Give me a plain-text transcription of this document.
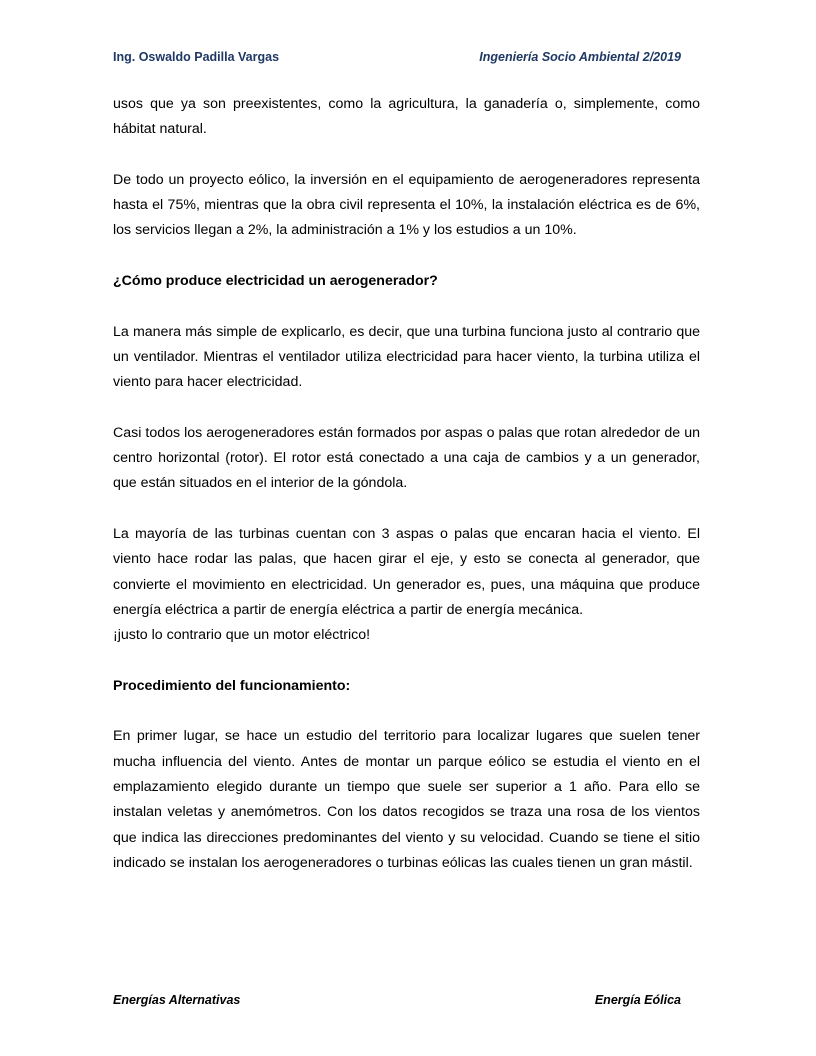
Ing. Oswaldo Padilla Vargas	Ingeniería Socio Ambiental 2/2019

usos que ya son preexistentes, como la agricultura, la ganadería o, simplemente, como hábitat natural.

De todo un proyecto eólico, la inversión en el equipamiento de aerogeneradores representa hasta el 75%, mientras que la obra civil representa el 10%, la instalación eléctrica es de 6%, los servicios llegan a 2%, la administración a 1% y los estudios a un 10%.

¿Cómo produce electricidad un aerogenerador?

La manera más simple de explicarlo, es decir, que una turbina funciona justo al contrario que un ventilador. Mientras el ventilador utiliza electricidad para hacer viento, la turbina utiliza el viento para hacer electricidad.

Casi todos los aerogeneradores están formados por aspas o palas que rotan alrededor de un centro horizontal (rotor). El rotor está conectado a una caja de cambios y a un generador, que están situados en el interior de la góndola.

La mayoría de las turbinas cuentan con 3 aspas o palas que encaran hacia el viento. El viento hace rodar las palas, que hacen girar el eje, y esto se conecta al generador, que convierte el movimiento en electricidad. Un generador es, pues, una máquina que produce energía eléctrica a partir de energía eléctrica a partir de energía mecánica.

¡justo lo contrario que un motor eléctrico!

Procedimiento del funcionamiento:

En primer lugar, se hace un estudio del territorio para localizar lugares que suelen tener mucha influencia del viento. Antes de montar un parque eólico se estudia el viento en el emplazamiento elegido durante un tiempo que suele ser superior a 1 año. Para ello se instalan veletas y anemómetros. Con los datos recogidos se traza una rosa de los vientos que indica las direcciones predominantes del viento y su velocidad. Cuando se tiene el sitio indicado se instalan los aerogeneradores o turbinas eólicas las cuales tienen un gran mástil.

Energías Alternativas	Energía Eólica
